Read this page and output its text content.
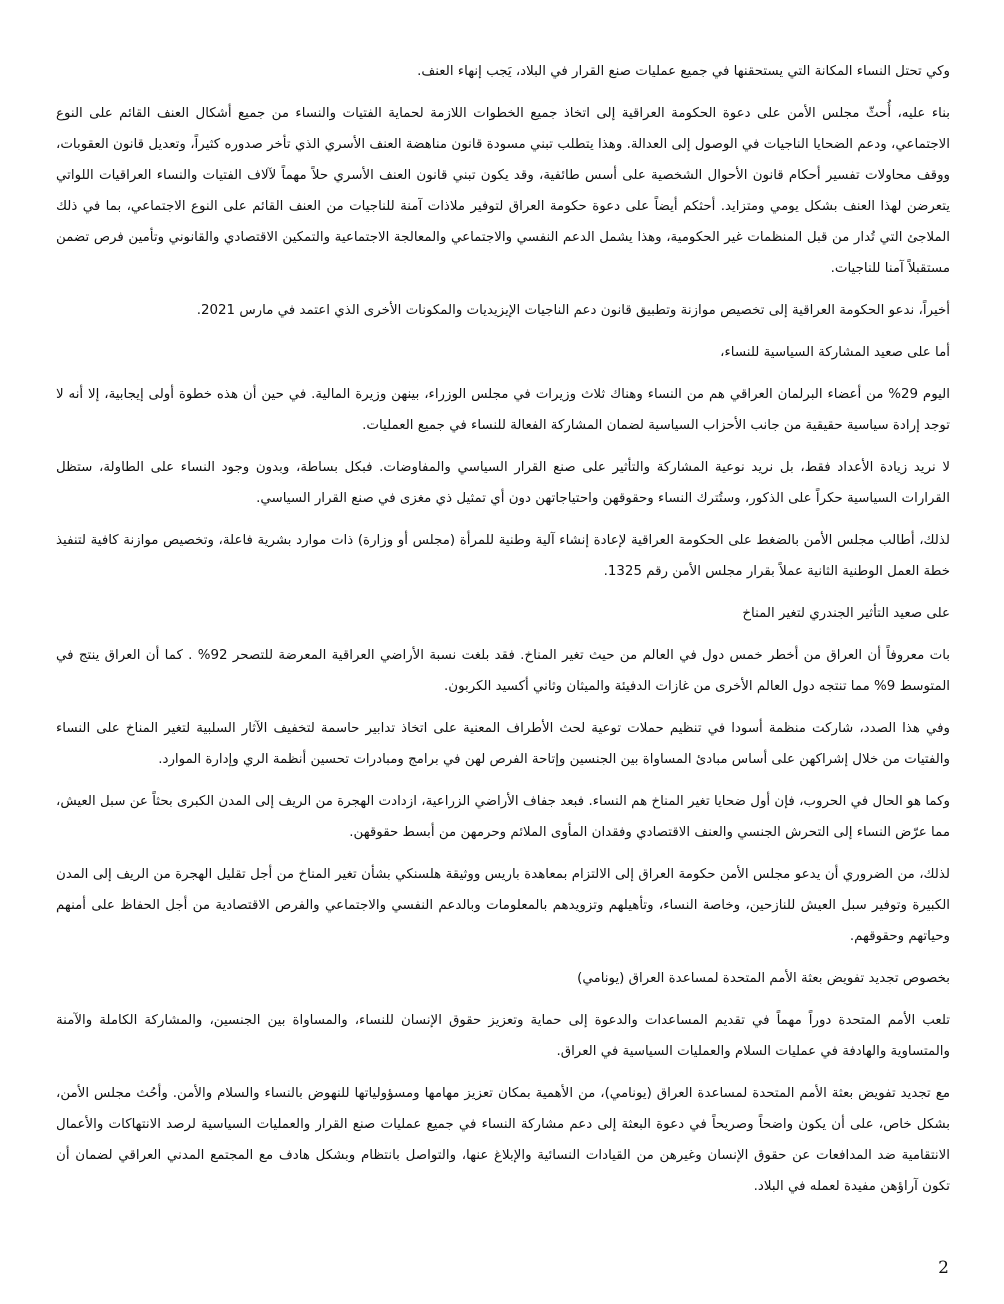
وكي تحتل النساء المكانة التي يستحقنها في جميع عمليات صنع القرار في البلاد، يَجب إنهاء العنف.

بناء عليه، أُحثّ مجلس الأمن على دعوة الحكومة العراقية إلى اتخاذ جميع الخطوات اللازمة لحماية الفتيات والنساء من جميع أشكال العنف القائم على النوع الاجتماعي، ودعم الضحايا الناجيات في الوصول إلى العدالة. وهذا يتطلب تبني مسودة قانون مناهضة العنف الأسري الذي تأخر صدوره كثيراً، وتعديل قانون العقوبات، ووقف محاولات تفسير أحكام قانون الأحوال الشخصية على أسس طائفية، وقد يكون تبني قانون العنف الأسري حلاً مهماً لآلاف الفتيات والنساء العراقيات اللواتي يتعرضن لهذا العنف بشكل يومي ومتزايد. أحثكم أيضاً على دعوة حكومة العراق لتوفير ملاذات آمنة للناجيات من العنف القائم على النوع الاجتماعي، بما في ذلك الملاجئ التي تُدار من قبل المنظمات غير الحكومية، وهذا يشمل الدعم النفسي والاجتماعي والمعالجة الاجتماعية والتمكين الاقتصادي والقانوني وتأمين فرص تضمن مستقبلاً آمنا للناجيات.

أخيراً، ندعو الحكومة العراقية إلى تخصيص موازنة وتطبيق قانون دعم الناجيات الإيزيديات والمكونات الأخرى الذي اعتمد في مارس 2021.

أما على صعيد المشاركة السياسية للنساء،

اليوم 29% من أعضاء البرلمان العراقي هم من النساء وهناك ثلاث وزيرات في مجلس الوزراء، بينهن وزيرة المالية. في حين أن هذه خطوة أولى إيجابية، إلا أنه لا توجد إرادة سياسية حقيقية من جانب الأحزاب السياسية لضمان المشاركة الفعالة للنساء في جميع العمليات.

لا نريد زيادة الأعداد فقط، بل نريد نوعية المشاركة والتأثير على صنع القرار السياسي والمفاوضات. فبكل بساطة، وبدون وجود النساء على الطاولة، ستظل القرارات السياسية حكراً على الذكور، وستُترك النساء وحقوقهن واحتياجاتهن دون أي تمثيل ذي مغزى في صنع القرار السياسي.

لذلك، أطالب مجلس الأمن بالضغط على الحكومة العراقية لإعادة إنشاء آلية وطنية للمرأة (مجلس أو وزارة) ذات موارد بشرية فاعلة، وتخصيص موازنة كافية لتنفيذ خطة العمل الوطنية الثانية عملاً بقرار مجلس الأمن رقم 1325.

على صعيد التأثير الجندري لتغير المناخ

بات معروفاً أن العراق من أخطر خمس دول في العالم من حيث تغير المناخ. فقد بلغت نسبة الأراضي العراقية المعرضة للتصحر 92% . كما أن العراق ينتج في المتوسط 9% مما تنتجه دول العالم الأخرى من غازات الدفيئة والميثان وثاني أكسيد الكربون.

وفي هذا الصدد، شاركت منظمة أسودا في تنظيم حملات توعية لحث الأطراف المعنية على اتخاذ تدابير حاسمة لتخفيف الآثار السلبية لتغير المناخ على النساء والفتيات من خلال إشراكهن على أساس مبادئ المساواة بين الجنسين وإتاحة الفرص لهن في برامج ومبادرات تحسين أنظمة الري وإدارة الموارد.

وكما هو الحال في الحروب، فإن أول ضحايا تغير المناخ هم النساء. فبعد جفاف الأراضي الزراعية، ازدادت الهجرة من الريف إلى المدن الكبرى بحثاً عن سبل العيش، مما عرّض النساء إلى التحرش الجنسي والعنف الاقتصادي وفقدان المأوى الملائم وحرمهن من أبسط حقوقهن.

لذلك، من الضروري أن يدعو مجلس الأمن حكومة العراق إلى الالتزام بمعاهدة باريس ووثيقة هلسنكي بشأن تغير المناخ من أجل تقليل الهجرة من الريف إلى المدن الكبيرة وتوفير سبل العيش للنازحين، وخاصة النساء، وتأهيلهم وتزويدهم بالمعلومات وبالدعم النفسي والاجتماعي والفرص الاقتصادية من أجل الحفاظ على أمنهم وحياتهم وحقوقهم.

بخصوص تجديد تفويض بعثة الأمم المتحدة لمساعدة العراق (يونامي)

تلعب الأمم المتحدة دوراً مهماً في تقديم المساعدات والدعوة إلى حماية وتعزيز حقوق الإنسان للنساء، والمساواة بين الجنسين، والمشاركة الكاملة والآمنة والمتساوية والهادفة في عمليات السلام والعمليات السياسية في العراق.

مع تجديد تفويض بعثة الأمم المتحدة لمساعدة العراق (يونامي)، من الأهمية بمكان تعزيز مهامها ومسؤولياتها للنهوض بالنساء والسلام والأمن. وأحُث مجلس الأمن، بشكل خاص، على أن يكون واضحاً وصريحاً في دعوة البعثة إلى دعم مشاركة النساء في جميع عمليات صنع القرار والعمليات السياسية لرصد الانتهاكات والأعمال الانتقامية ضد المدافعات عن حقوق الإنسان وغيرهن من القيادات النسائية والإبلاغ عنها، والتواصل بانتظام وبشكل هادف مع المجتمع المدني العراقي لضمان أن تكون آراؤهن مفيدة لعمله في البلاد.

2
